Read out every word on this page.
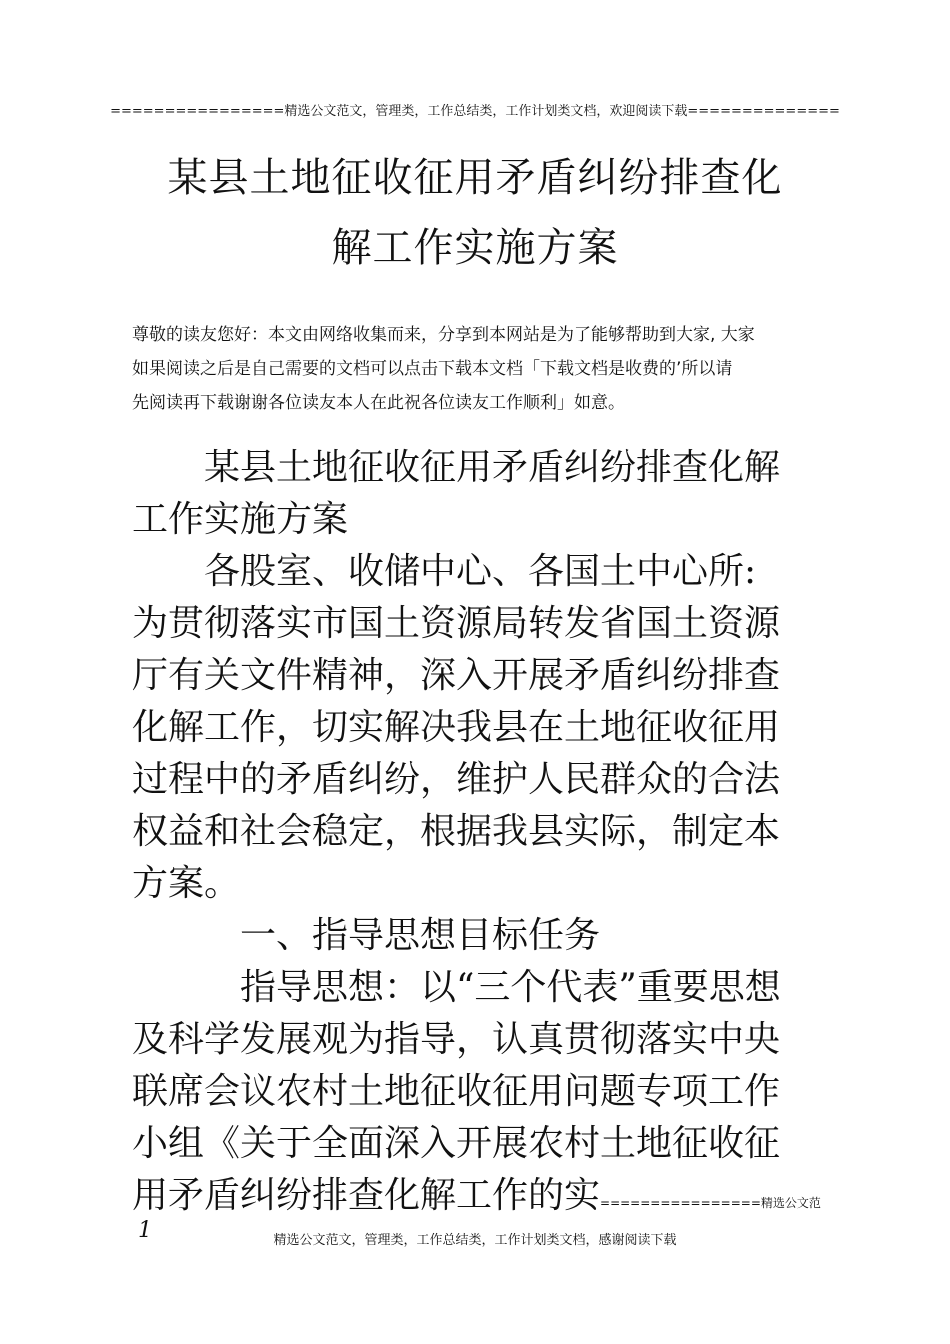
================精选公文范文，管理类，工作总结类，工作计划类文档，欢迎阅读下载==============
某县土地征收征用矛盾纠纷排查化
解工作实施方案

尊敬的读友您好：本文由网络收集而来，分享到本网站是为了能够帮助到大家, 大家

如果阅读之后是自己需要的文档可以点击下载本文档「下载文档是收费的’所以请

先阅读再下载谢谢各位读友本人在此祝各位读友工作顺利」如意。

　　某县土地征收征用矛盾纠纷排查化解

工作实施方案

　　各股室、收储中心、各国土中心所:

为贯彻落实市国土资源局转发省国土资源

厅有关文件精神，深入开展矛盾纠纷排查

化解工作，切实解决我县在土地征收征用

过程中的矛盾纠纷，维护人民群众的合法

权益和社会稳定，根据我县实际，制定本

方案。

　　　一、指导思想目标任务

　　　指导思想：以“三个代表”重要思想

及科学发展观为指导，认真贯彻落实中央

联席会议农村土地征收征用问题专项工作

小组《关于全面深入开展农村土地征收征

用矛盾纠纷排查化解工作的实================精选公文范

精选公文范文，管理类，工作总结类，工作计划类文档，感谢阅读下载
1
